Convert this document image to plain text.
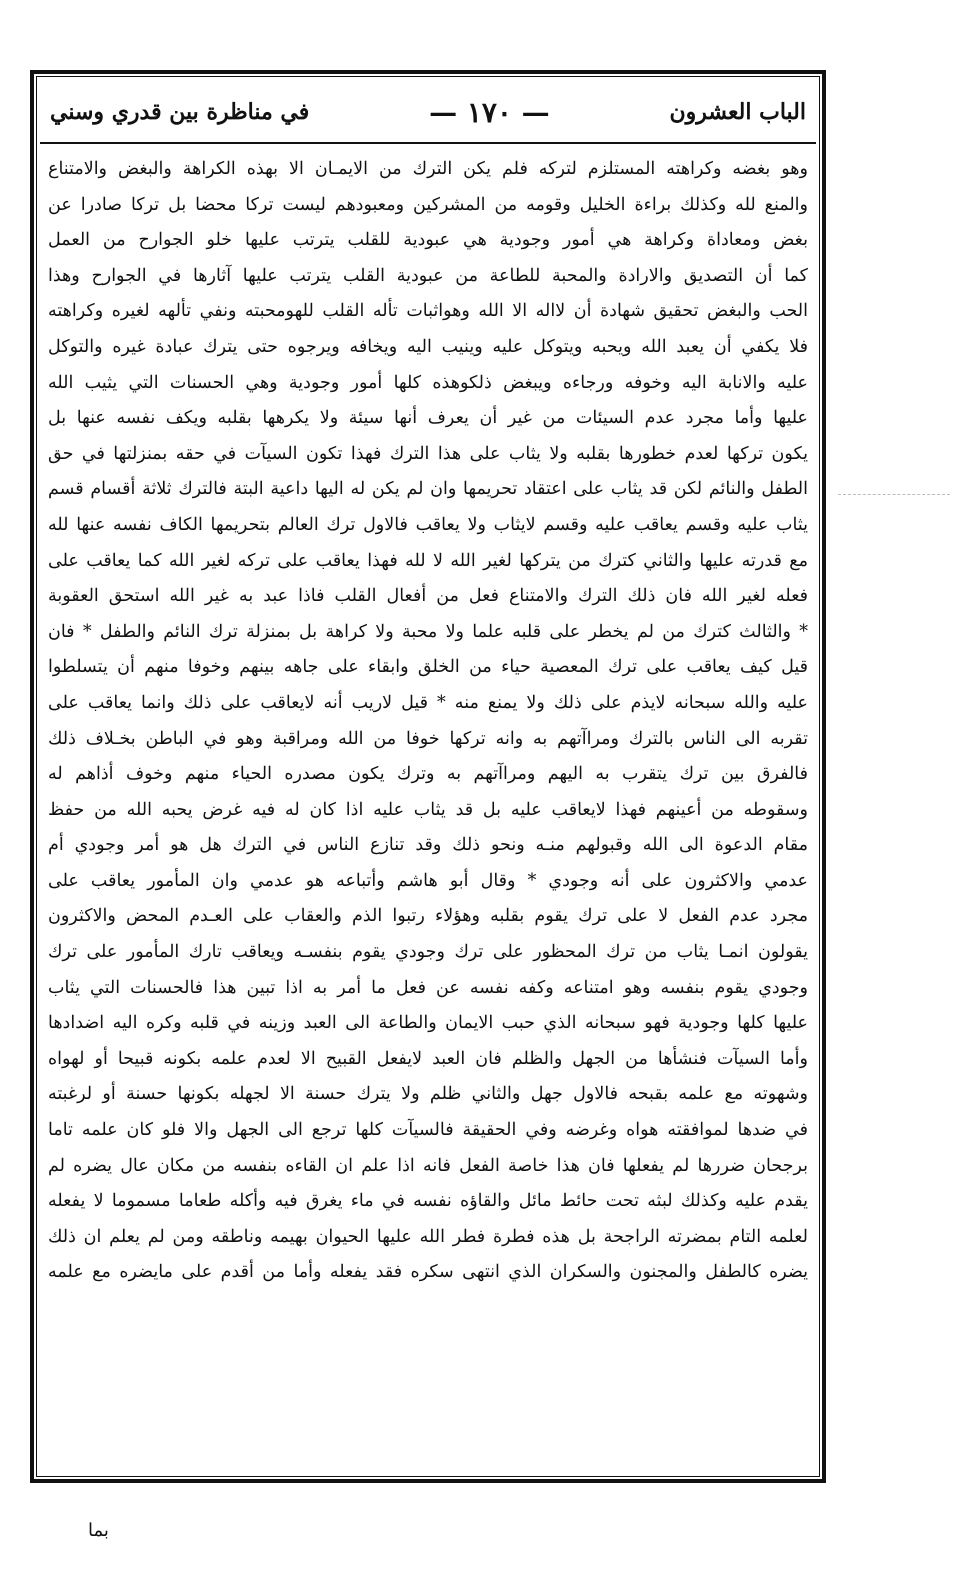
الباب العشرون
— ١٧٠ —
في مناظرة بين قدري وسني
وهو بغضه وكراهته المستلزم لتركه فلم يكن الترك من الايمـان الا بهذه الكراهة والبغض والامتناع
والمنع لله وكذلك براءة الخليل وقومه من المشركين ومعبودهم ليست تركا محضا بل تركا صادرا عن
بغض ومعاداة وكراهة هي أمور وجودية هي عبودية للقلب يترتب عليها خلو الجوارح من العمل
كما أن التصديق والارادة والمحبة للطاعة من عبودية القلب يترتب عليها آثارها في الجوارح وهذا
الحب والبغض تحقيق شهادة أن لااله الا الله وهواثبات تأله القلب للهومحبته ونفي تألهه لغيره وكراهته
فلا يكفي أن يعبد الله ويحبه ويتوكل عليه وينيب اليه ويخافه ويرجوه حتى يترك عبادة غيره والتوكل
عليه والانابة اليه وخوفه ورجاءه ويبغض ذلكوهذه كلها أمور وجودية وهي الحسنات التي يثيب الله
عليها وأما مجرد عدم السيئات من غير أن يعرف أنها سيئة ولا يكرهها بقلبه ويكف نفسه عنها بل
يكون تركها لعدم خطورها بقلبه ولا يثاب على هذا الترك فهذا تكون السيآت في حقه بمنزلتها في حق
الطفل والنائم لكن قد يثاب على اعتقاد تحريمها وان لم يكن له اليها داعية البتة فالترك ثلاثة أقسام قسم
يثاب عليه وقسم يعاقب عليه وقسم لايثاب ولا يعاقب فالاول ترك العالم بتحريمها الكاف نفسه عنها لله
مع قدرته عليها والثاني كترك من يتركها لغير الله لا لله فهذا يعاقب على تركه لغير الله كما يعاقب على
فعله لغير الله فان ذلك الترك والامتناع فعل من أفعال القلب فاذا عبد به غير الله استحق العقوبة
* والثالث كترك من لم يخطر على قلبه علما ولا محبة ولا كراهة بل بمنزلة ترك النائم والطفل * فان
قيل كيف يعاقب على ترك المعصية حياء من الخلق وابقاء على جاهه بينهم وخوفا منهم أن يتسلطوا
عليه والله سبحانه لايذم على ذلك ولا يمنع منه * قيل لاريب أنه لايعاقب على ذلك وانما يعاقب على
تقربه الى الناس بالترك ومراآتهم به وانه تركها خوفا من الله ومراقبة وهو في الباطن بخـلاف ذلك
فالفرق بين ترك يتقرب به اليهم ومراآتهم به وترك يكون مصدره الحياء منهم وخوف أذاهم له
وسقوطه من أعينهم فهذا لايعاقب عليه بل قد يثاب عليه اذا كان له فيه غرض يحبه الله من حفظ
مقام الدعوة الى الله وقبولهم منـه ونحو ذلك وقد تنازع الناس في الترك هل هو أمر وجودي أم
عدمي والاكثرون على أنه وجودي * وقال أبو هاشم وأتباعه هو عدمي وان المأمور يعاقب على
مجرد عدم الفعل لا على ترك يقوم بقلبه وهؤلاء رتبوا الذم والعقاب على العـدم المحض والاكثرون
يقولون انمـا يثاب من ترك المحظور على ترك وجودي يقوم بنفسـه ويعاقب تارك المأمور على ترك
وجودي يقوم بنفسه وهو امتناعه وكفه نفسه عن فعل ما أمر به اذا تبين هذا فالحسنات التي يثاب
عليها كلها وجودية فهو سبحانه الذي حبب الايمان والطاعة الى العبد وزينه في قلبه وكره اليه اضدادها
وأما السيآت فنشأها من الجهل والظلم فان العبد لايفعل القبيح الا لعدم علمه بكونه قبيحا أو لهواه
وشهوته مع علمه بقبحه فالاول جهل والثاني ظلم ولا يترك حسنة الا لجهله بكونها حسنة أو لرغبته
في ضدها لموافقته هواه وغرضه وفي الحقيقة فالسيآت كلها ترجع الى الجهل والا فلو كان علمه تاما
برجحان ضررها لم يفعلها فان هذا خاصة الفعل فانه اذا علم ان القاءه بنفسه من مكان عال يضره لم
يقدم عليه وكذلك لبثه تحت حائط مائل والقاؤه نفسه في ماء يغرق فيه وأكله طعاما مسموما لا يفعله
لعلمه التام بمضرته الراجحة بل هذه فطرة فطر الله عليها الحيوان بهيمه وناطقه ومن لم يعلم ان ذلك
يضره كالطفل والمجنون والسكران الذي انتهى سكره فقد يفعله وأما من أقدم على مايضره مع علمه
بما
